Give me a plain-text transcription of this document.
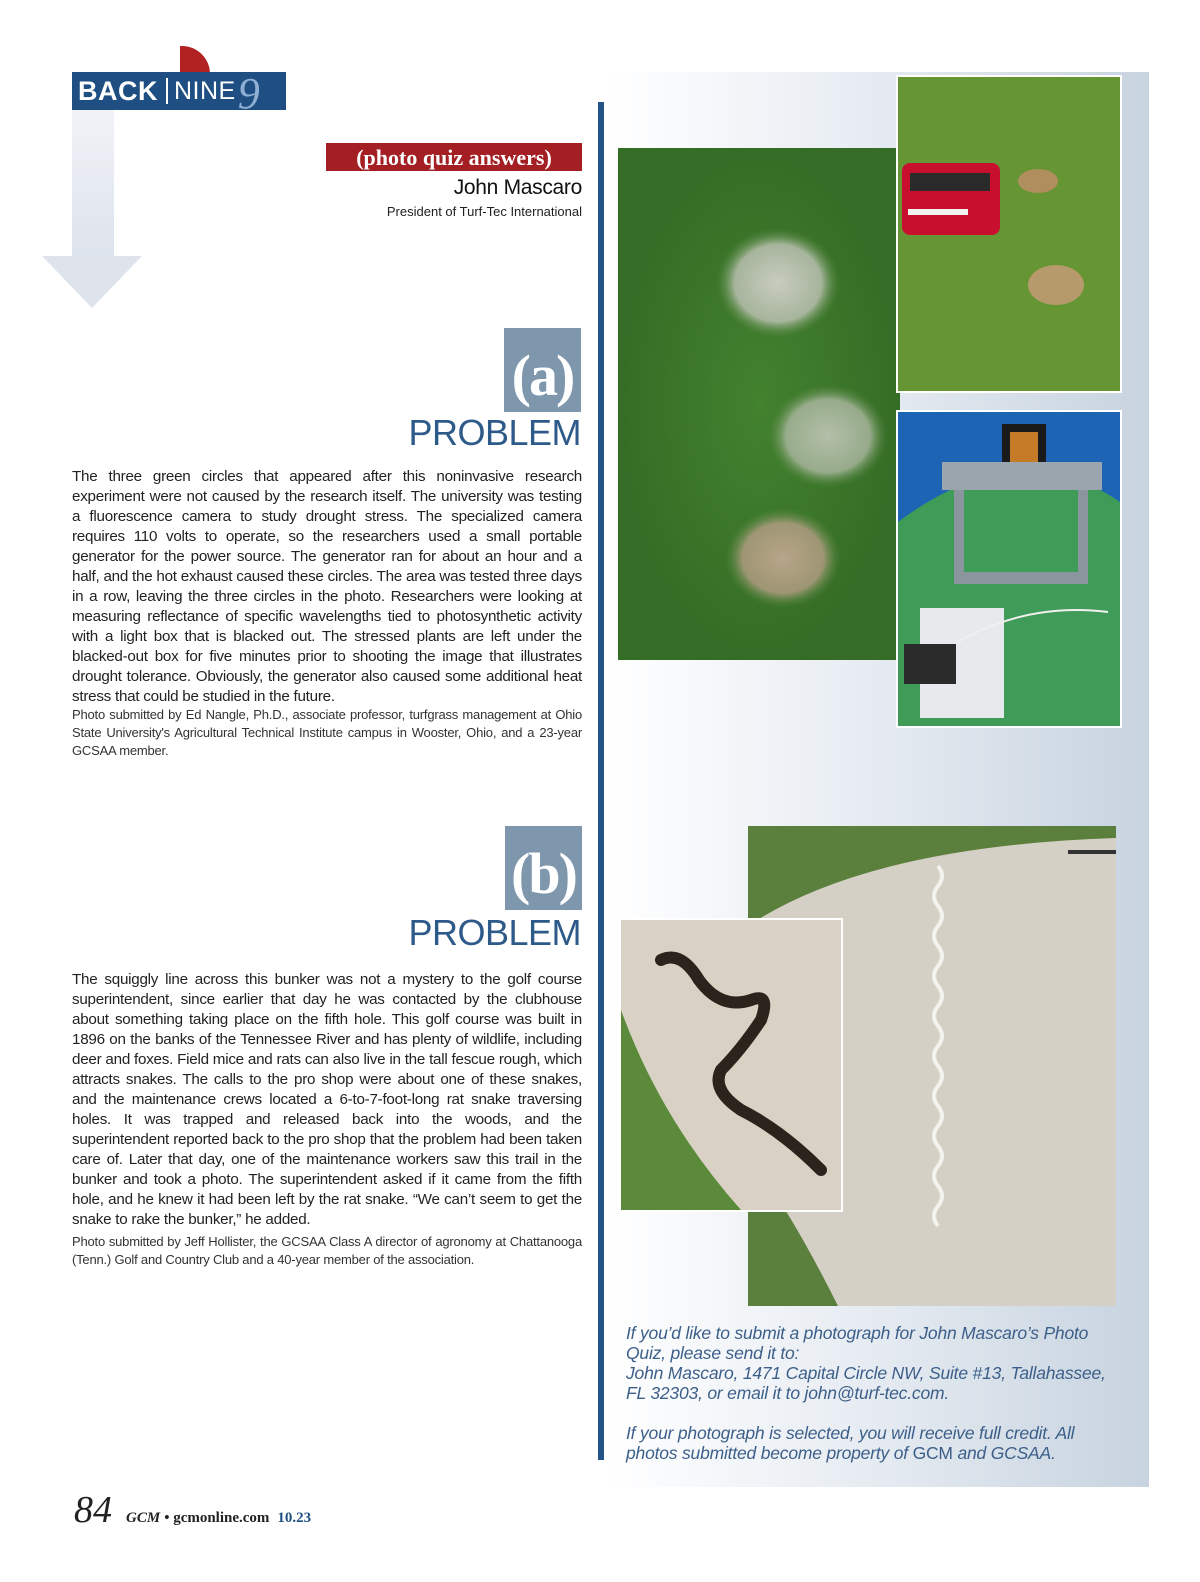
BACK NINE 9
(photo quiz answers)
John Mascaro
President of Turf-Tec International
(a)
PROBLEM
The three green circles that appeared after this noninvasive research experiment were not caused by the research itself. The university was testing a fluorescence camera to study drought stress. The specialized camera requires 110 volts to operate, so the researchers used a small portable generator for the power source. The generator ran for about an hour and a half, and the hot exhaust caused these circles. The area was tested three days in a row, leaving the three circles in the photo. Researchers were looking at measuring reflectance of specific wavelengths tied to photosynthetic activity with a light box that is blacked out. The stressed plants are left under the blacked-out box for five minutes prior to shooting the image that illustrates drought tolerance. Obviously, the generator also caused some additional heat stress that could be studied in the future.
Photo submitted by Ed Nangle, Ph.D., associate professor, turfgrass management at Ohio State University's Agricultural Technical Institute campus in Wooster, Ohio, and a 23-year GCSAA member.
(b)
PROBLEM
The squiggly line across this bunker was not a mystery to the golf course superintendent, since earlier that day he was contacted by the clubhouse about something taking place on the fifth hole. This golf course was built in 1896 on the banks of the Tennessee River and has plenty of wildlife, including deer and foxes. Field mice and rats can also live in the tall fescue rough, which attracts snakes. The calls to the pro shop were about one of these snakes, and the maintenance crews located a 6-to-7-foot-long rat snake traversing holes. It was trapped and released back into the woods, and the superintendent reported back to the pro shop that the problem had been taken care of. Later that day, one of the maintenance workers saw this trail in the bunker and took a photo. The superintendent asked if it came from the fifth hole, and he knew it had been left by the rat snake. “We can’t seem to get the snake to rake the bunker,” he added.
Photo submitted by Jeff Hollister, the GCSAA Class A director of agronomy at Chattanooga (Tenn.) Golf and Country Club and a 40-year member of the association.

If you’d like to submit a photograph for John Mascaro’s Photo Quiz, please send it to:

John Mascaro, 1471 Capital Circle NW, Suite #13, Tallahassee, FL 32303, or email it to john@turf-tec.com.

If your photograph is selected, you will receive full credit. All photos submitted become property of GCM and GCSAA.

84 GCM • gcmonline.com 10.23
